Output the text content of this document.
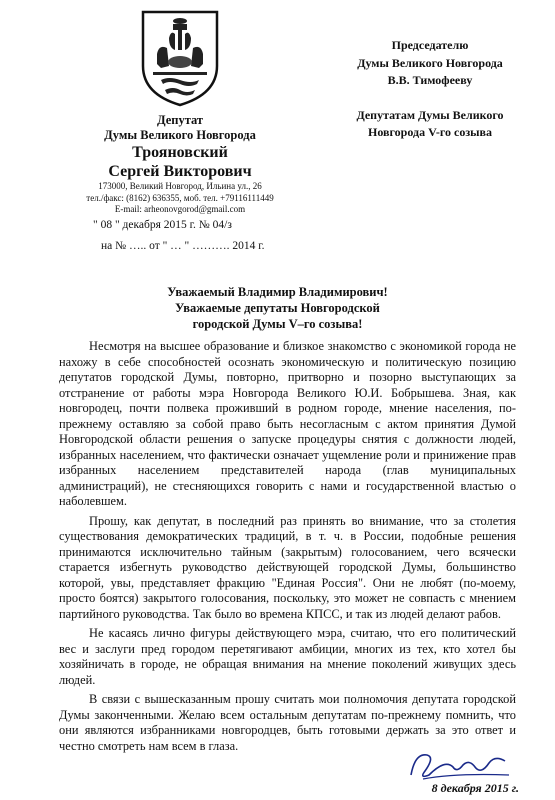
Депутат
Думы Великого Новгорода
Трояновский
Сергей Викторович
173000, Великий Новгород, Ильина ул., 26
тел./факс: (8162) 636355, моб. тел. +79116111449
E-mail: arheonovgorod@gmail.com
" 08 " декабря 2015 г. № 04/з
на № ….. от " … " ………. 2014 г.
Председателю
Думы Великого Новгорода
В.В. Тимофееву
Депутатам Думы Великого
Новгорода V-го созыва
Уважаемый Владимир Владимирович!
Уважаемые депутаты Новгородской
городской Думы V–го созыва!

Несмотря на высшее образование и близкое знакомство с экономикой города не нахожу в себе способностей осознать экономическую и политическую позицию депутатов городской Думы, повторно, притворно и позорно выступающих за отстранение от работы мэра Новгорода Великого Ю.И. Бобрышева. Зная, как новгородец, почти полвека проживший в родном городе, мнение населения, по-прежнему оставляю за собой право быть несогласным с актом принятия Думой Новгородской области решения о запуске процедуры снятия с должности людей, избранных населением, что фактически означает ущемление роли и принижение прав избранных населением представителей народа (глав муниципальных администраций), не стесняющихся говорить с нами и государственной властью о наболевшем.

Прошу, как депутат, в последний раз принять во внимание, что за столетия существования демократических традиций, в т. ч. в России, подобные решения принимаются исключительно тайным (закрытым) голосованием, чего всячески старается избегнуть руководство действующей городской Думы, большинство которой, увы, представляет фракцию "Единая Россия". Они не любят (по-моему, просто боятся) закрытого голосования, поскольку, это может не совпасть с мнением партийного руководства. Так было во времена КПСС, и так из людей делают рабов.

Не касаясь лично фигуры действующего мэра, считаю, что его политический вес и заслуги пред городом перетягивают амбиции, многих из тех, кто хотел бы хозяйничать в городе, не обращая внимания на мнение поколений живущих здесь людей.

В связи с вышесказанным прошу считать мои полномочия депутата городской Думы законченными. Желаю всем остальным депутатам по-прежнему помнить, что они являются избранниками новгородцев, быть готовыми держать за это ответ и честно смотреть нам всем в глаза.

8 декабря 2015 г.
